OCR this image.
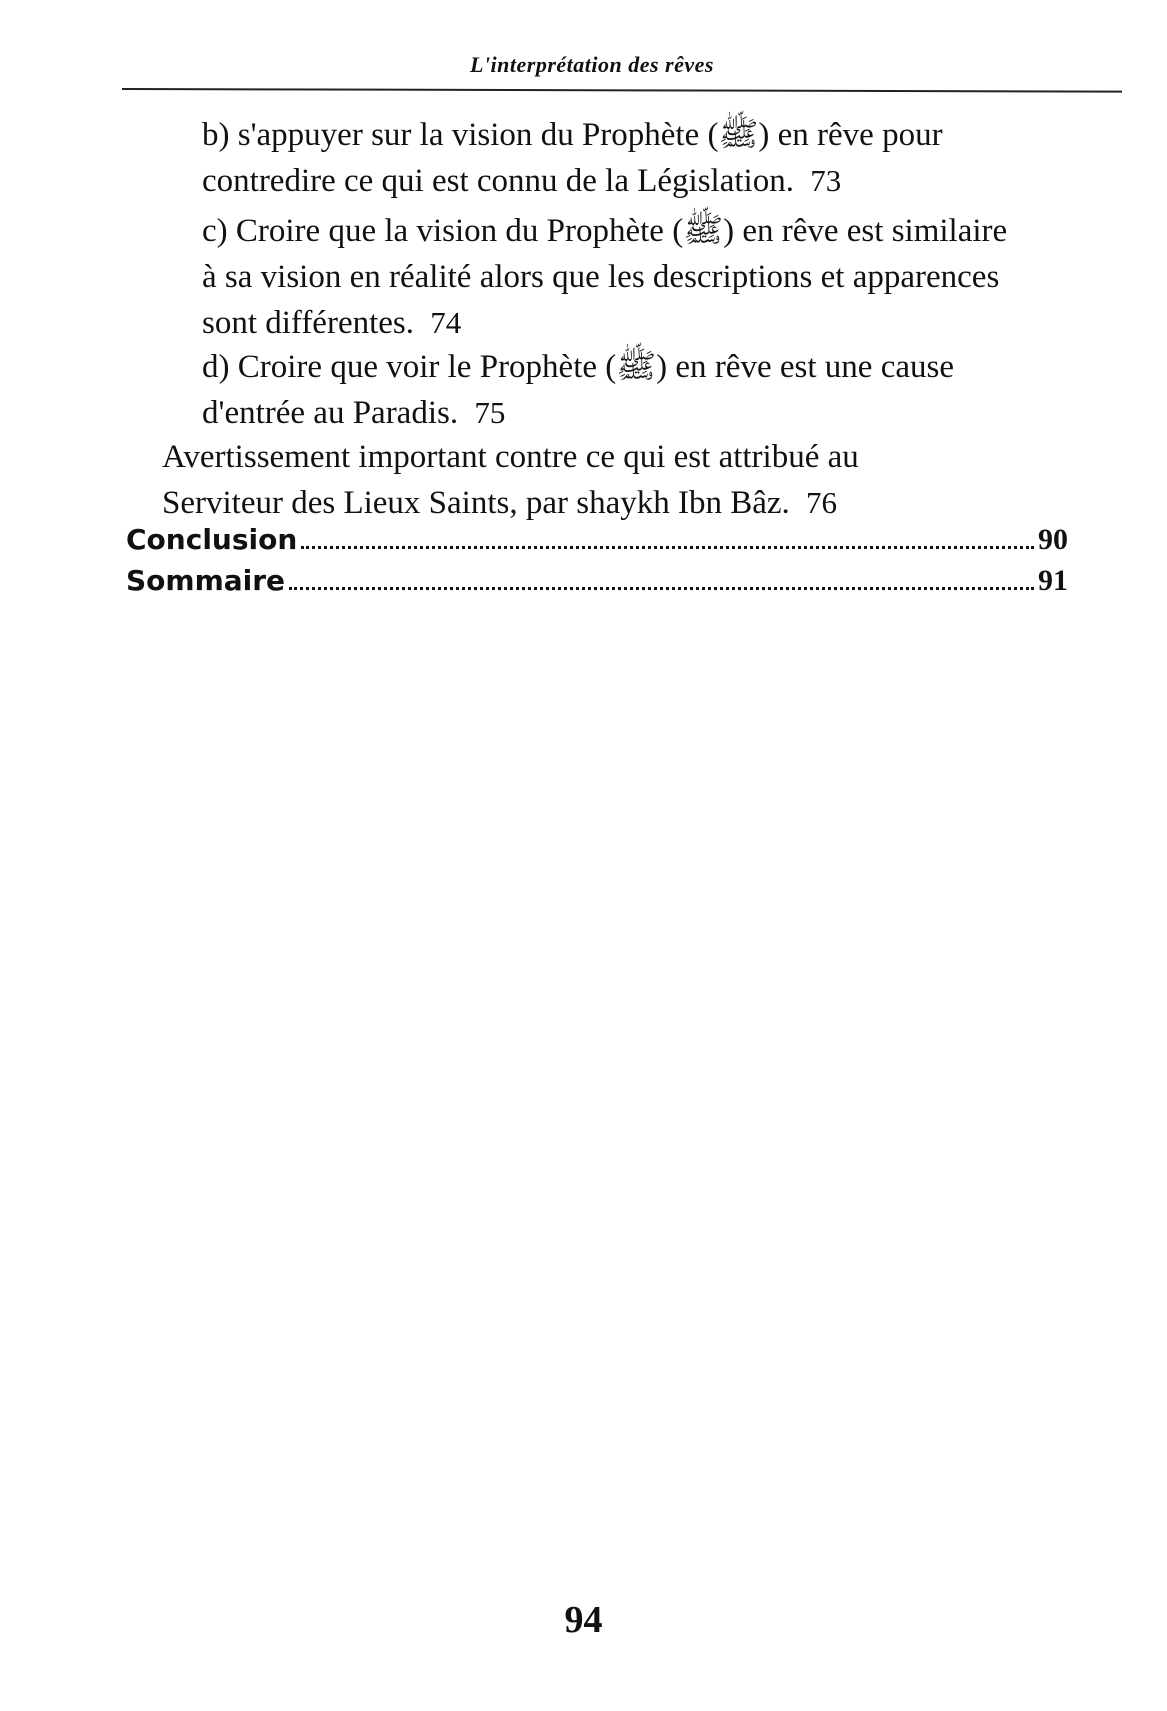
L'interprétation des rêves
b) s'appuyer sur la vision du Prophète (ﷺ) en rêve pour
contredire ce qui est connu de la Législation. 73
c) Croire que la vision du Prophète (ﷺ) en rêve est similaire
à sa vision en réalité alors que les descriptions et apparences
sont différentes. 74
d) Croire que voir le Prophète (ﷺ) en rêve est une cause
d'entrée au Paradis. 75
Avertissement important contre ce qui est attribué au
Serviteur des Lieux Saints, par shaykh Ibn Bâz. 76
Conclusion	90
Sommaire	91
94
